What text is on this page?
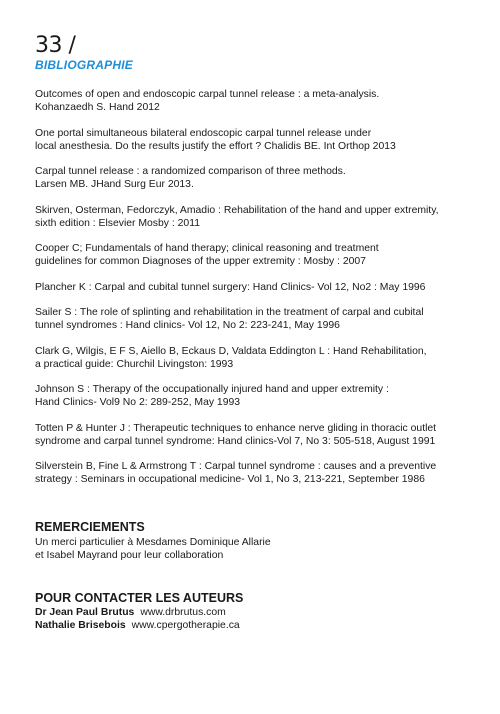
33 /
BIBLIOGRAPHIE

Outcomes of open and endoscopic carpal tunnel release : a meta-analysis.
Kohanzaedh S. Hand 2012

One portal simultaneous bilateral endoscopic carpal tunnel release under
local anesthesia. Do the results justify the effort ? Chalidis BE. Int Orthop 2013

Carpal tunnel release : a randomized comparison of three methods.
Larsen MB. JHand Surg Eur 2013.

Skirven, Osterman, Fedorczyk, Amadio : Rehabilitation of the hand and upper extremity,
sixth edition : Elsevier Mosby : 2011

Cooper C; Fundamentals of hand therapy; clinical reasoning and treatment
guidelines for common Diagnoses of the upper extremity : Mosby : 2007

Plancher K : Carpal and cubital tunnel surgery: Hand Clinics- Vol 12, No2 : May 1996

Sailer S : The role of splinting and rehabilitation in the treatment of carpal and cubital
tunnel syndromes : Hand clinics- Vol 12, No 2: 223-241, May 1996

Clark G, Wilgis, E F S, Aiello B, Eckaus D, Valdata Eddington L : Hand Rehabilitation,
a practical guide: Churchil Livingston: 1993

Johnson S : Therapy of the occupationally injured hand and upper extremity :
Hand Clinics- Vol9 No 2: 289-252, May 1993

Totten P & Hunter J : Therapeutic techniques to enhance nerve gliding in thoracic outlet
syndrome and carpal tunnel syndrome: Hand clinics-Vol 7, No 3: 505-518, August 1991

Silverstein B, Fine L & Armstrong T : Carpal tunnel syndrome : causes and a preventive
strategy : Seminars in occupational medicine- Vol 1, No 3, 213-221, September 1986

REMERCIEMENTS
Un merci particulier à Mesdames Dominique Allarie
et Isabel Mayrand pour leur collaboration
POUR CONTACTER LES AUTEURS
Dr Jean Paul Brutus www.drbrutus.com
Nathalie Brisebois www.cpergotherapie.ca
